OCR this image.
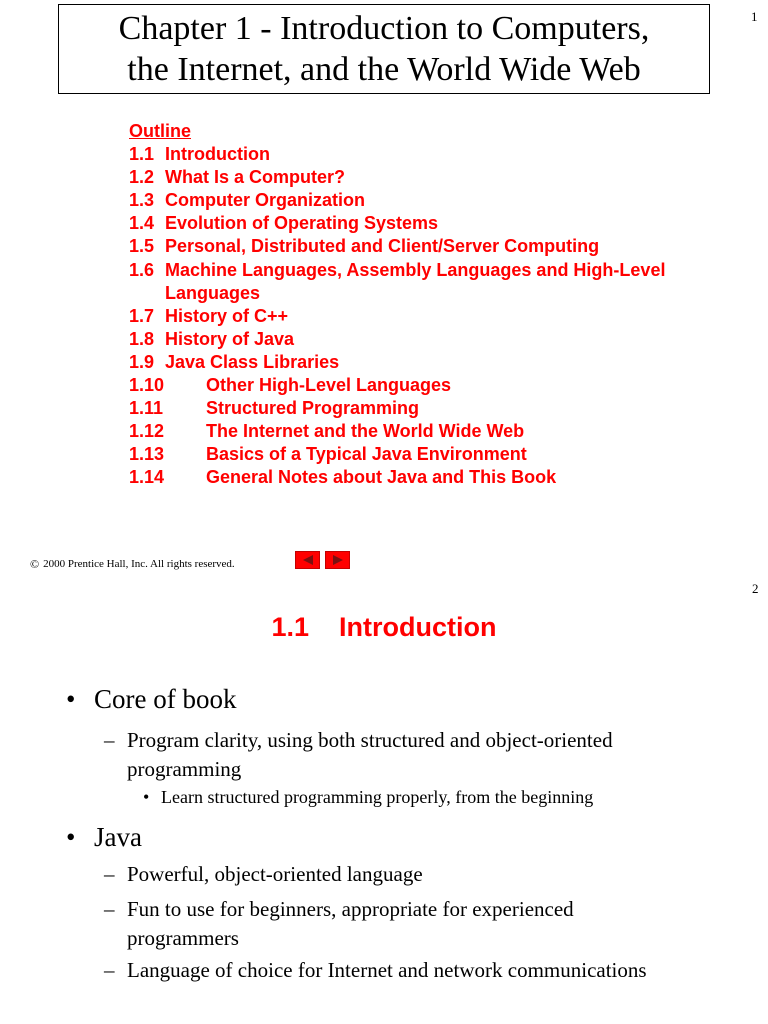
1
Chapter 1 - Introduction to Computers,
the Internet, and the World Wide Web
Outline
1.1 Introduction
1.2 What Is a Computer?
1.3 Computer Organization
1.4 Evolution of Operating Systems
1.5 Personal, Distributed and Client/Server Computing
1.6 Machine Languages, Assembly Languages and High-Level Languages
1.7 History of C++
1.8 History of Java
1.9 Java Class Libraries
1.10	Other High-Level Languages
1.11	Structured Programming
1.12	The Internet and the World Wide Web
1.13	Basics of a Typical Java Environment
1.14	General Notes about Java and This Book
© 2000 Prentice Hall, Inc. All rights reserved.
2
1.1 Introduction
• Core of book
– Program clarity, using both structured and object-oriented programming
• Learn structured programming properly, from the beginning
• Java
– Powerful, object-oriented language
– Fun to use for beginners, appropriate for experienced programmers
– Language of choice for Internet and network communications
